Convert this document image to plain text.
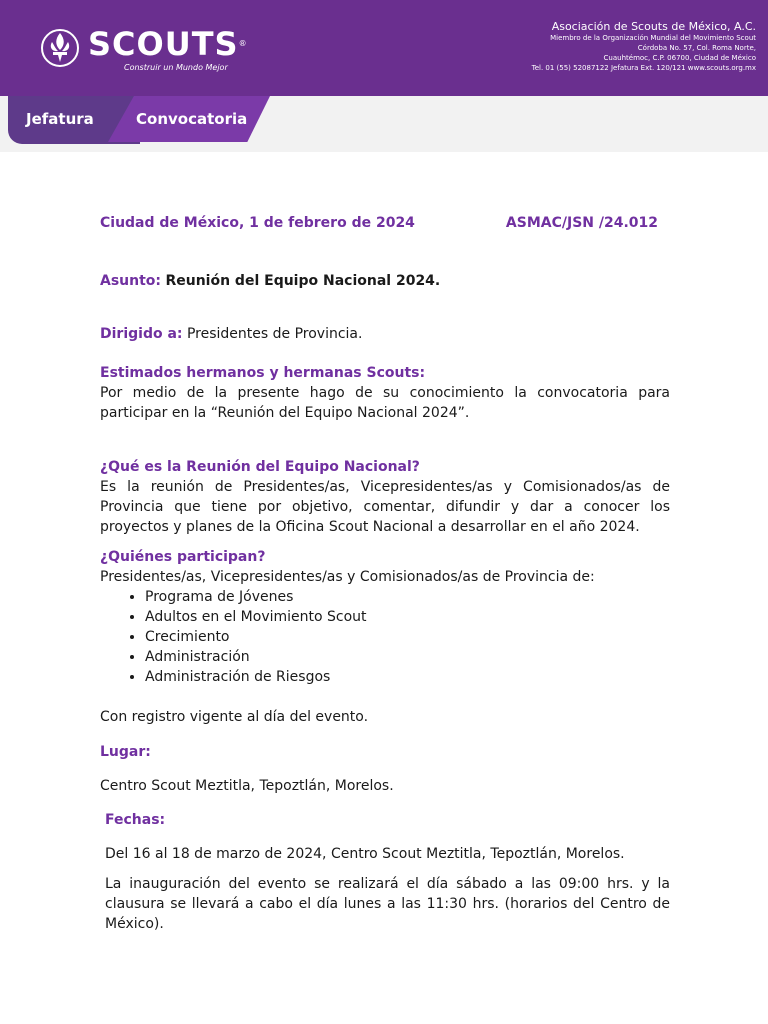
SCOUTS®
Construir un Mundo Mejor
Asociación de Scouts de México, A.C.
Miembro de la Organización Mundial del Movimiento Scout
Córdoba No. 57, Col. Roma Norte,
Cuauhtémoc, C.P. 06700, Ciudad de México
Tel. 01 (55) 52087122 Jefatura Ext. 120/121 www.scouts.org.mx
Jefatura	Convocatoria
Ciudad de México, 1 de febrero de 2024	ASMAC/JSN /24.012

Asunto: Reunión del Equipo Nacional 2024.

Dirigido a: Presidentes de Provincia.

Estimados hermanos y hermanas Scouts:

Por medio de la presente hago de su conocimiento la convocatoria para participar en la “Reunión del Equipo Nacional 2024”.

¿Qué es la Reunión del Equipo Nacional?

Es la reunión de Presidentes/as, Vicepresidentes/as y Comisionados/as de Provincia que tiene por objetivo, comentar, difundir y dar a conocer los proyectos y planes de la Oficina Scout Nacional a desarrollar en el año 2024.

¿Quiénes participan?

Presidentes/as, Vicepresidentes/as y Comisionados/as de Provincia de:

• Programa de Jóvenes
• Adultos en el Movimiento Scout
• Crecimiento
• Administración
• Administración de Riesgos

Con registro vigente al día del evento.

Lugar:

Centro Scout Meztitla, Tepoztlán, Morelos.

Fechas:

Del 16 al 18 de marzo de 2024, Centro Scout Meztitla, Tepoztlán, Morelos.

La inauguración del evento se realizará el día sábado a las 09:00 hrs. y la clausura se llevará a cabo el día lunes a las 11:30 hrs. (horarios del Centro de México).
